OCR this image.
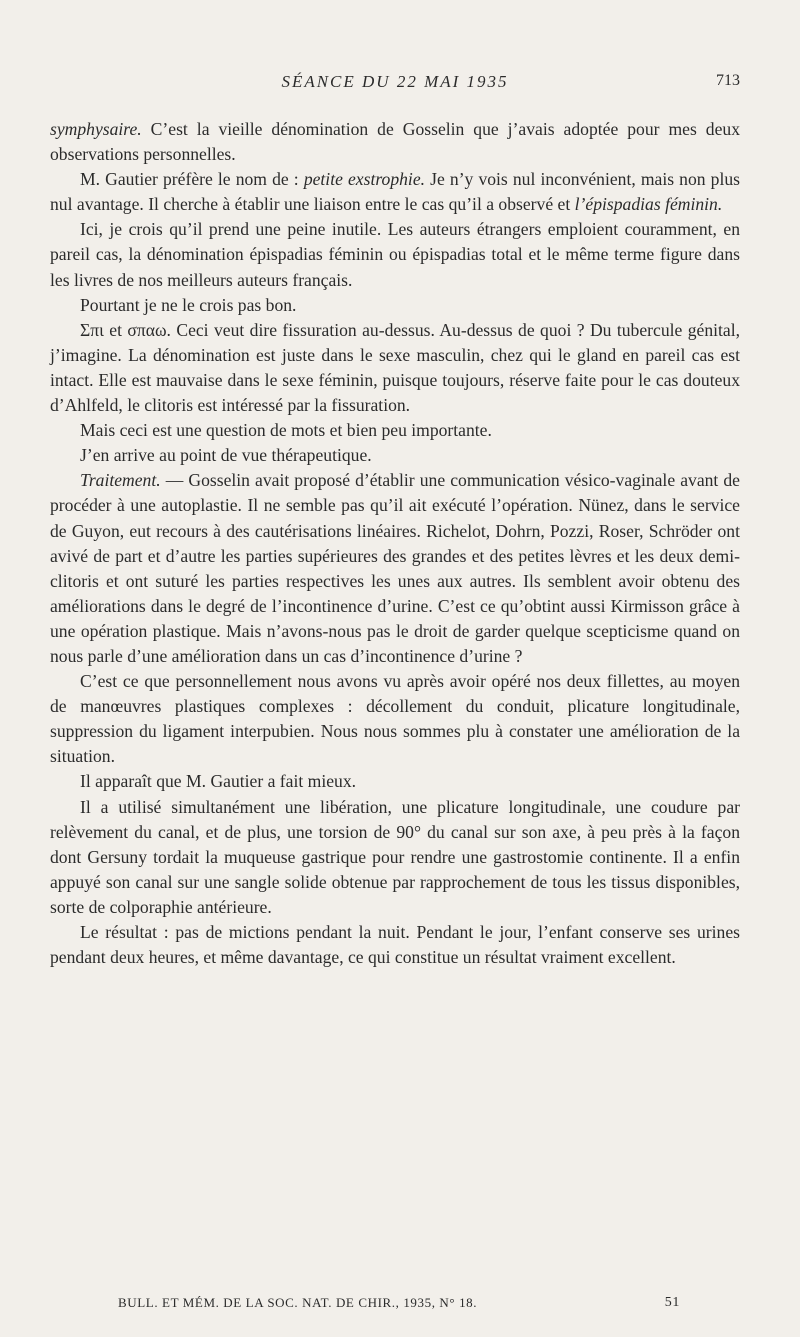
SÉANCE DU 22 MAI 1935	713

symphysaire. C’est la vieille dénomination de Gosselin que j’avais adoptée pour mes deux observations personnelles.

M. Gautier préfère le nom de : petite exstrophie. Je n’y vois nul inconvénient, mais non plus nul avantage. Il cherche à établir une liaison entre le cas qu’il a observé et l’épispadias féminin.

Ici, je crois qu’il prend une peine inutile. Les auteurs étrangers emploient couramment, en pareil cas, la dénomination épispadias féminin ou épispadias total et le même terme figure dans les livres de nos meilleurs auteurs français.

Pourtant je ne le crois pas bon.

Σπι et σπαω. Ceci veut dire fissuration au-dessus. Au-dessus de quoi ? Du tubercule génital, j’imagine. La dénomination est juste dans le sexe masculin, chez qui le gland en pareil cas est intact. Elle est mauvaise dans le sexe féminin, puisque toujours, réserve faite pour le cas douteux d’Ahlfeld, le clitoris est intéressé par la fissuration.

Mais ceci est une question de mots et bien peu importante.

J’en arrive au point de vue thérapeutique.

Traitement. — Gosselin avait proposé d’établir une communication vésico-vaginale avant de procéder à une autoplastie. Il ne semble pas qu’il ait exécuté l’opération. Nünez, dans le service de Guyon, eut recours à des cautérisations linéaires. Richelot, Dohrn, Pozzi, Roser, Schröder ont avivé de part et d’autre les parties supérieures des grandes et des petites lèvres et les deux demi-clitoris et ont suturé les parties respectives les unes aux autres. Ils semblent avoir obtenu des améliorations dans le degré de l’incontinence d’urine. C’est ce qu’obtint aussi Kirmisson grâce à une opération plastique. Mais n’avons-nous pas le droit de garder quelque scepticisme quand on nous parle d’une amélioration dans un cas d’incontinence d’urine ?

C’est ce que personnellement nous avons vu après avoir opéré nos deux fillettes, au moyen de manœuvres plastiques complexes : décollement du conduit, plicature longitudinale, suppression du ligament interpubien. Nous nous sommes plu à constater une amélioration de la situation.

Il apparaît que M. Gautier a fait mieux.

Il a utilisé simultanément une libération, une plicature longitudinale, une coudure par relèvement du canal, et de plus, une torsion de 90° du canal sur son axe, à peu près à la façon dont Gersuny tordait la muqueuse gastrique pour rendre une gastrostomie continente. Il a enfin appuyé son canal sur une sangle solide obtenue par rapprochement de tous les tissus disponibles, sorte de colporaphie antérieure.

Le résultat : pas de mictions pendant la nuit. Pendant le jour, l’enfant conserve ses urines pendant deux heures, et même davantage, ce qui constitue un résultat vraiment excellent.

BULL. ET MÉM. DE LA SOC. NAT. DE CHIR., 1935, N° 18.	51
